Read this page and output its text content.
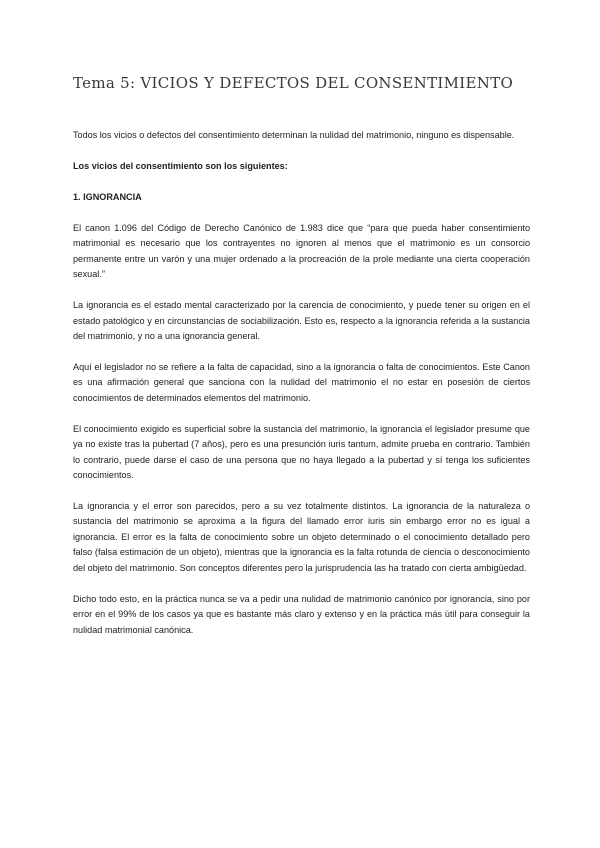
Tema 5: VICIOS Y DEFECTOS DEL CONSENTIMIENTO

Todos los vicios o defectos del consentimiento determinan la nulidad del matrimonio, ninguno es dispensable.

Los vicios del consentimiento son los siguientes:

1. IGNORANCIA

El canon 1.096 del Código de Derecho Canónico de 1.983 dice que “para que pueda haber consentimiento matrimonial es necesario que los contrayentes no ignoren al menos que el matrimonio es un consorcio permanente entre un varón y una mujer ordenado a la procreación de la prole mediante una cierta cooperación sexual.”

La ignorancia es el estado mental caracterizado por la carencia de conocimiento, y puede tener su origen en el estado patológico y en circunstancias de sociabilización. Esto es, respecto a la ignorancia referida a la sustancia del matrimonio, y no a una ignorancia general.

Aquí el legislador no se refiere a la falta de capacidad, sino a la ignorancia o falta de conocimientos. Este Canon es una afirmación general que sanciona con la nulidad del matrimonio el no estar en posesión de ciertos conocimientos de determinados elementos del matrimonio.

El conocimiento exigido es superficial sobre la sustancia del matrimonio, la ignorancia el legislador presume que ya no existe tras la pubertad (7 años), pero es una presunción iuris tantum, admite prueba en contrario. También lo contrario, puede darse el caso de una persona que no haya llegado a la pubertad y sí tenga los suficientes conocimientos.

La ignorancia y el error son parecidos, pero a su vez totalmente distintos. La ignorancia de la naturaleza o sustancia del matrimonio se aproxima a la figura del llamado error iuris sin embargo error no es igual a ignorancia. El error es la falta de conocimiento sobre un objeto determinado o el conocimiento detallado pero falso (falsa estimación de un objeto), mientras que la ignorancia es la falta rotunda de ciencia o desconocimiento del objeto del matrimonio. Son conceptos diferentes pero la jurisprudencia las ha tratado con cierta ambigüedad.

Dicho todo esto, en la práctica nunca se va a pedir una nulidad de matrimonio canónico por ignorancia, sino por error en el 99% de los casos ya que es bastante más claro y extenso y en la práctica más útil para conseguir la nulidad matrimonial canónica.
